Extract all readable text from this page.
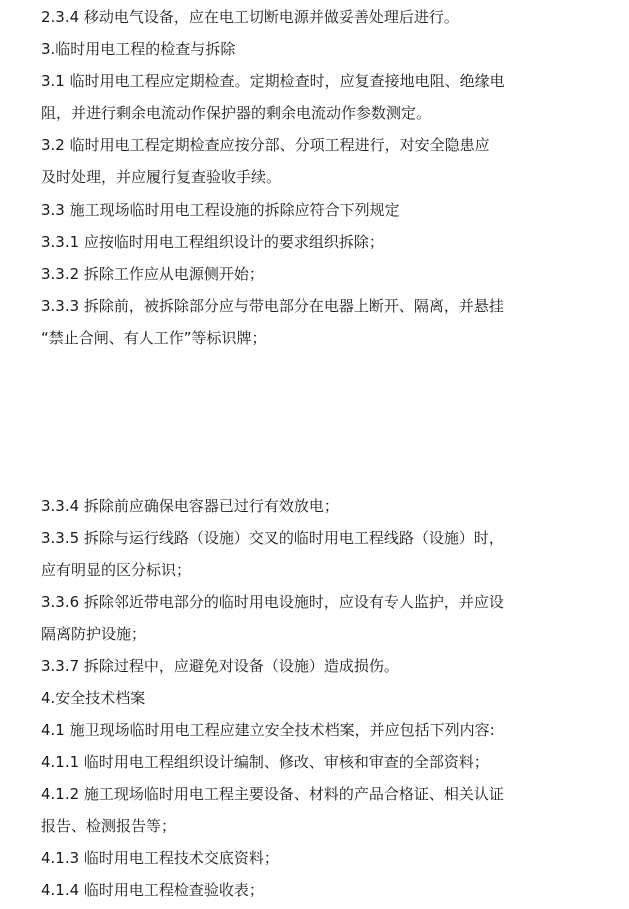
2.3.4 移动电气设备，应在电工切断电源并做妥善处理后进行。
3.临时用电工程的检查与拆除
3.1 临时用电工程应定期检查。定期检查时，应复查接地电阻、绝缘电
阻，并进行剩余电流动作保护器的剩余电流动作参数测定。
3.2 临时用电工程定期检查应按分部、分项工程进行，对安全隐患应
及时处理，并应履行复查验收手续。
3.3 施工现场临时用电工程设施的拆除应符合下列规定
3.3.1 应按临时用电工程组织设计的要求组织拆除；
3.3.2 拆除工作应从电源侧开始；
3.3.3 拆除前，被拆除部分应与带电部分在电器上断开、隔离，并悬挂
“禁止合闸、有人工作”等标识牌；
3.3.4 拆除前应确保电容器已过行有效放电；
3.3.5 拆除与运行线路（设施）交叉的临时用电工程线路（设施）时，
应有明显的区分标识；
3.3.6 拆除邻近带电部分的临时用电设施时，应设有专人监护，并应设
隔离防护设施；
3.3.7 拆除过程中，应避免对设备（设施）造成损伤。
4.安全技术档案
4.1 施卫现场临时用电工程应建立安全技术档案，并应包括下列内容:
4.1.1 临时用电工程组织设计编制、修改、审核和审查的全部资料；
4.1.2 施工现场临时用电工程主要设备、材料的产品合格证、相关认证
报告、检测报告等；
4.1.3 临时用电工程技术交底资料；
4.1.4 临时用电工程检查验收表；
